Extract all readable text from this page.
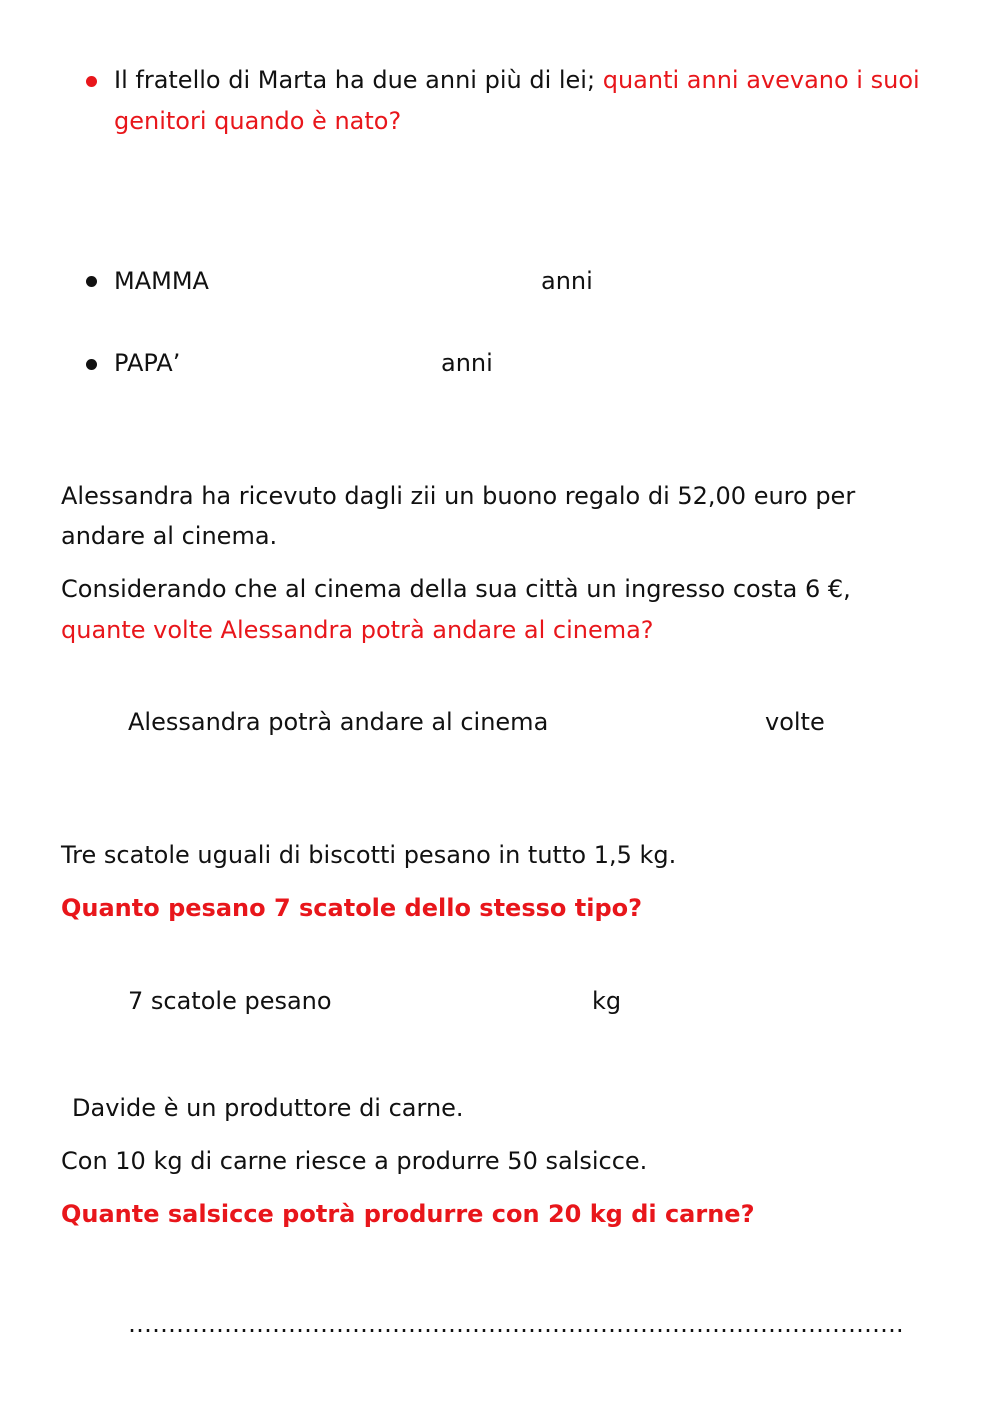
Il fratello di Marta ha due anni più di lei; quanti anni avevano i suoi
genitori quando è nato?
MAMMA	anni
PAPA’	anni
Alessandra ha ricevuto dagli zii un buono regalo di 52,00 euro per
andare al cinema.
Considerando che al cinema della sua città un ingresso costa 6 €,
quante volte Alessandra potrà andare al cinema?
Alessandra potrà andare al cinema	volte
Tre scatole uguali di biscotti pesano in tutto 1,5 kg.
Quanto pesano 7 scatole dello stesso tipo?
7 scatole pesano	kg
Davide è un produttore di carne.
Con 10 kg di carne riesce a produrre 50 salsicce.
Quante salsicce potrà produrre con 20 kg di carne?
…………………………………………………………………………………….
